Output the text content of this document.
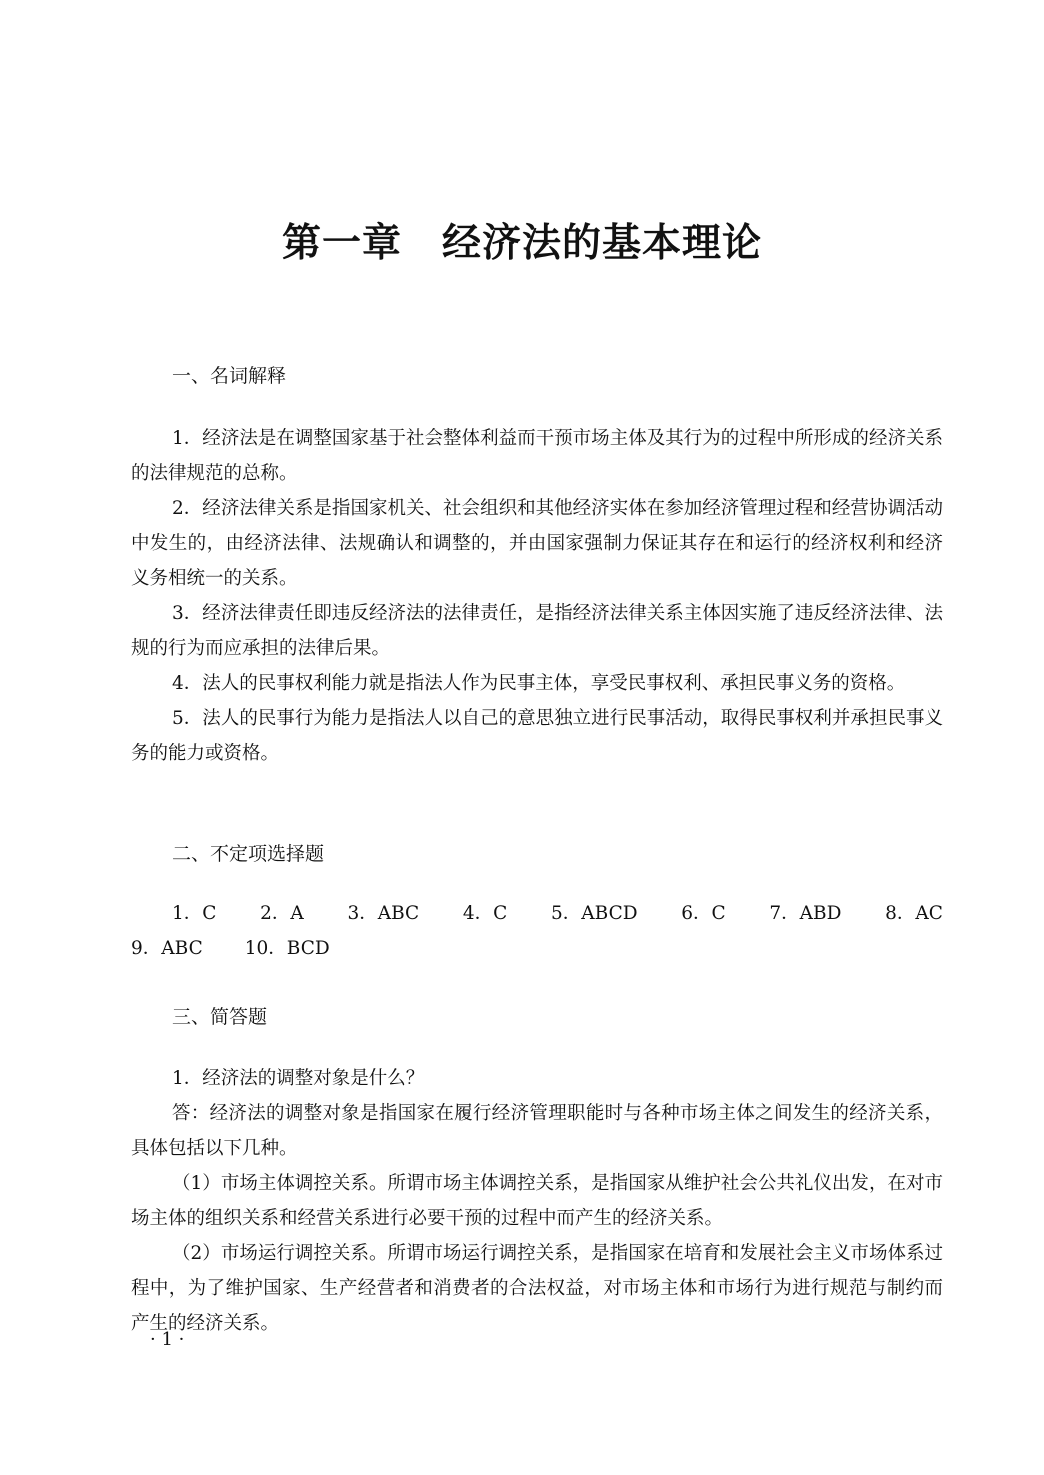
第一章　经济法的基本理论
一、名词解释

1．经济法是在调整国家基于社会整体利益而干预市场主体及其行为的过程中所形成的经济关系的法律规范的总称。

2．经济法律关系是指国家机关、社会组织和其他经济实体在参加经济管理过程和经营协调活动中发生的，由经济法律、法规确认和调整的，并由国家强制力保证其存在和运行的经济权利和经济义务相统一的关系。

3．经济法律责任即违反经济法的法律责任，是指经济法律关系主体因实施了违反经济法律、法规的行为而应承担的法律后果。

4．法人的民事权利能力就是指法人作为民事主体，享受民事权利、承担民事义务的资格。

5．法人的民事行为能力是指法人以自己的意思独立进行民事活动，取得民事权利并承担民事义务的能力或资格。

二、不定项选择题
1．C 2．A 3．ABC 4．C 5．ABCD 6．C 7．ABD 8．AC
9．ABC 10．BCD
三、简答题

1．经济法的调整对象是什么？

答：经济法的调整对象是指国家在履行经济管理职能时与各种市场主体之间发生的经济关系，具体包括以下几种。

（1）市场主体调控关系。所谓市场主体调控关系，是指国家从维护社会公共礼仪出发，在对市场主体的组织关系和经营关系进行必要干预的过程中而产生的经济关系。

（2）市场运行调控关系。所谓市场运行调控关系，是指国家在培育和发展社会主义市场体系过程中，为了维护国家、生产经营者和消费者的合法权益，对市场主体和市场行为进行规范与制约而产生的经济关系。

· 1 ·
